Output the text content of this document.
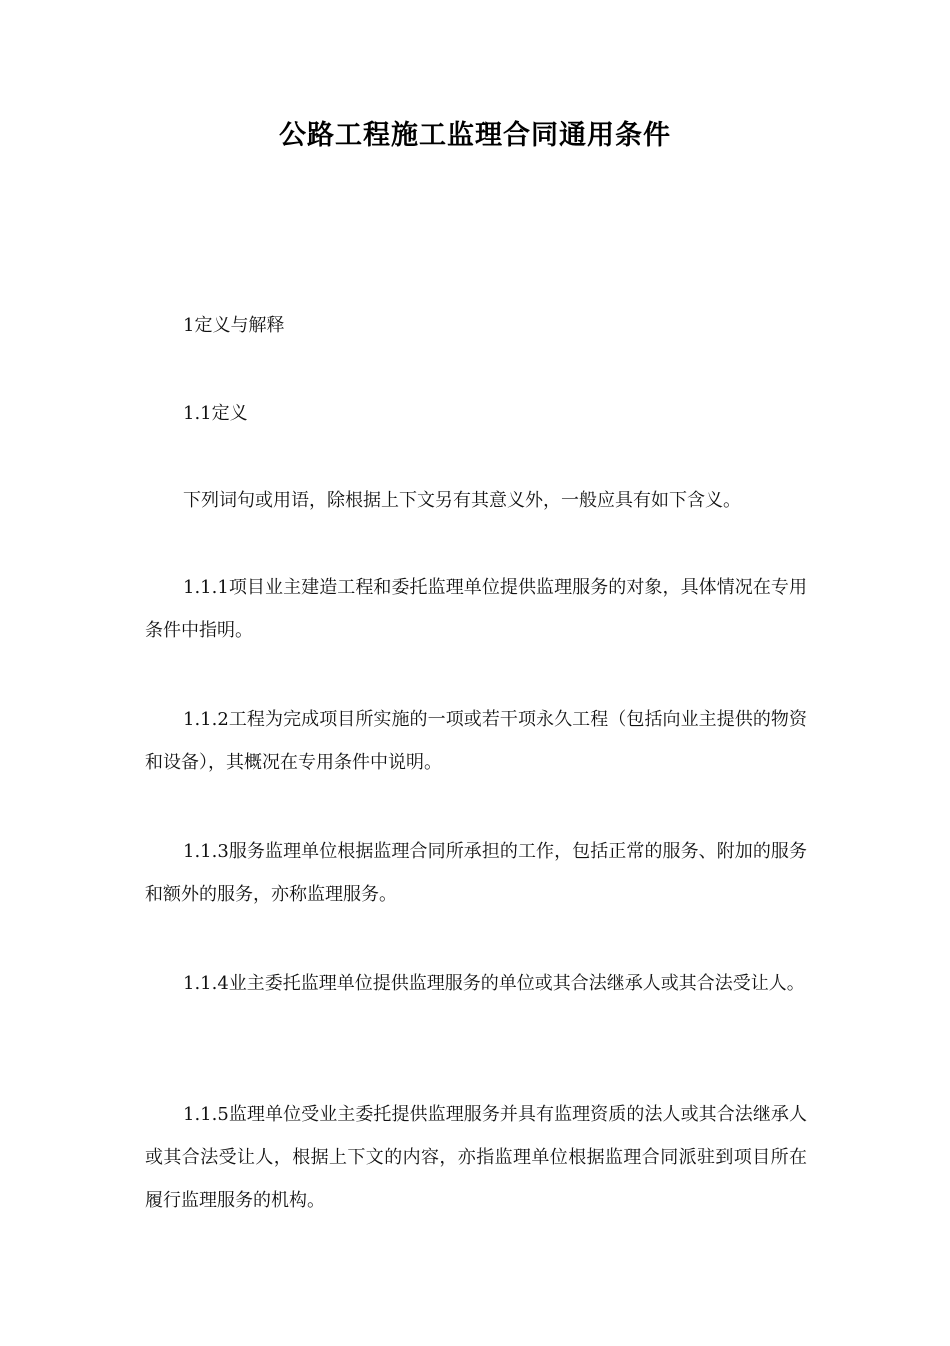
公路工程施工监理合同通用条件

1定义与解释

1.1定义

下列词句或用语，除根据上下文另有其意义外，一般应具有如下含义。

1.1.1项目业主建造工程和委托监理单位提供监理服务的对象，具体情况在专用条件中指明。

1.1.2工程为完成项目所实施的一项或若干项永久工程（包括向业主提供的物资和设备），其概况在专用条件中说明。

1.1.3服务监理单位根据监理合同所承担的工作，包括正常的服务、附加的服务和额外的服务，亦称监理服务。

1.1.4业主委托监理单位提供监理服务的单位或其合法继承人或其合法受让人。

1.1.5监理单位受业主委托提供监理服务并具有监理资质的法人或其合法继承人或其合法受让人，根据上下文的内容，亦指监理单位根据监理合同派驻到项目所在履行监理服务的机构。
